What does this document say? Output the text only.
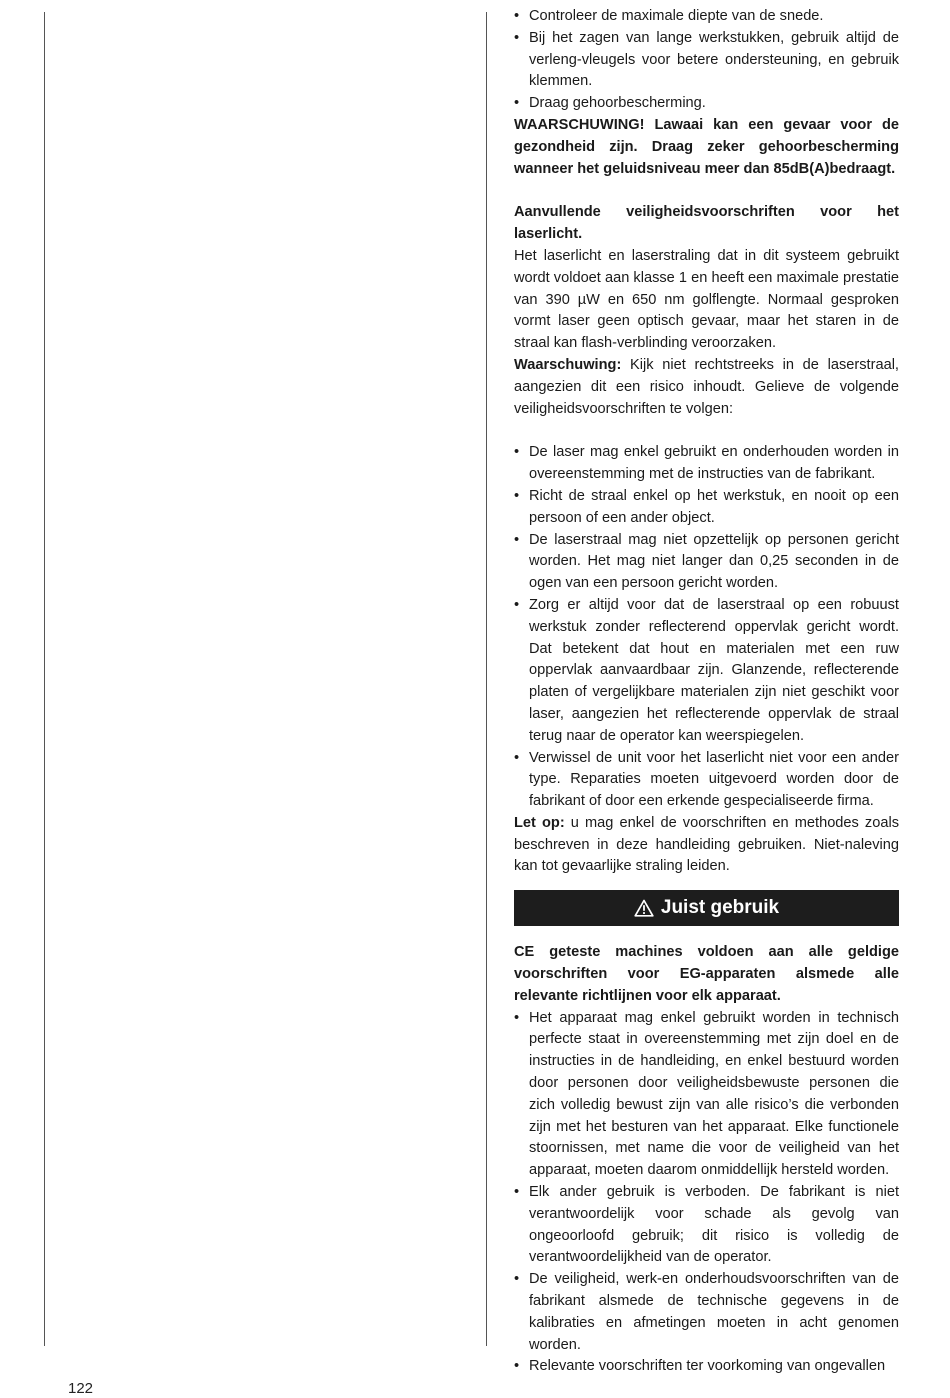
• Controleer de maximale diepte van de snede.
• Bij het zagen van lange werkstukken, gebruik altijd de verleng-vleugels voor betere ondersteuning, en gebruik klemmen.
• Draag gehoorbescherming.

WAARSCHUWING! Lawaai kan een gevaar voor de gezondheid zijn. Draag zeker gehoorbescherming wanneer het geluidsniveau meer dan 85dB(A)bedraagt.

Aanvullende veiligheidsvoorschriften voor het laserlicht.

Het laserlicht en laserstraling dat in dit systeem gebruikt wordt voldoet aan klasse 1 en heeft een maximale prestatie van 390 µW en 650 nm golflengte. Normaal gesproken vormt laser geen optisch gevaar, maar het staren in de straal kan flash-verblinding veroorzaken.

Waarschuwing: Kijk niet rechtstreeks in de laserstraal, aangezien dit een risico inhoudt. Gelieve de volgende veiligheidsvoorschriften te volgen:

• De laser mag enkel gebruikt en onderhouden worden in overeenstemming met de instructies van de fabrikant.
• Richt de straal enkel op het werkstuk, en nooit op een persoon of een ander object.
• De laserstraal mag niet opzettelijk op personen gericht worden. Het mag niet langer dan 0,25 seconden in de ogen van een persoon gericht worden.
• Zorg er altijd voor dat de laserstraal op een robuust werkstuk zonder reflecterend oppervlak gericht wordt. Dat betekent dat hout en materialen met een ruw oppervlak aanvaardbaar zijn. Glanzende, reflecterende platen of vergelijkbare materialen zijn niet geschikt voor laser, aangezien het reflecterende oppervlak de straal terug naar de operator kan weerspiegelen.
• Verwissel de unit voor het laserlicht niet voor een ander type. Reparaties moeten uitgevoerd worden door de fabrikant of door een erkende gespecialiseerde firma.

Let op: u mag enkel de voorschriften en methodes zoals beschreven in deze handleiding gebruiken. Niet-naleving kan tot gevaarlijke straling leiden.

Juist gebruik

CE geteste machines voldoen aan alle geldige voorschriften voor EG-apparaten alsmede alle relevante richtlijnen voor elk apparaat.

• Het apparaat mag enkel gebruikt worden in technisch perfecte staat in overeenstemming met zijn doel en de instructies in de handleiding, en enkel bestuurd worden door personen door veiligheidsbewuste personen die zich volledig bewust zijn van alle risico’s die verbonden zijn met het besturen van het apparaat. Elke functionele stoornissen, met name die voor de veiligheid van het apparaat, moeten daarom onmiddellijk hersteld worden.
• Elk ander gebruik is verboden. De fabrikant is niet verantwoordelijk voor schade als gevolg van ongeoorloofd gebruik; dit risico is volledig de verantwoordelijkheid van de operator.
• De veiligheid, werk-en onderhoudsvoorschriften van de fabrikant alsmede de technische gegevens in de kalibraties en afmetingen moeten in acht genomen worden.
• Relevante voorschriften ter voorkoming van ongevallen
122
